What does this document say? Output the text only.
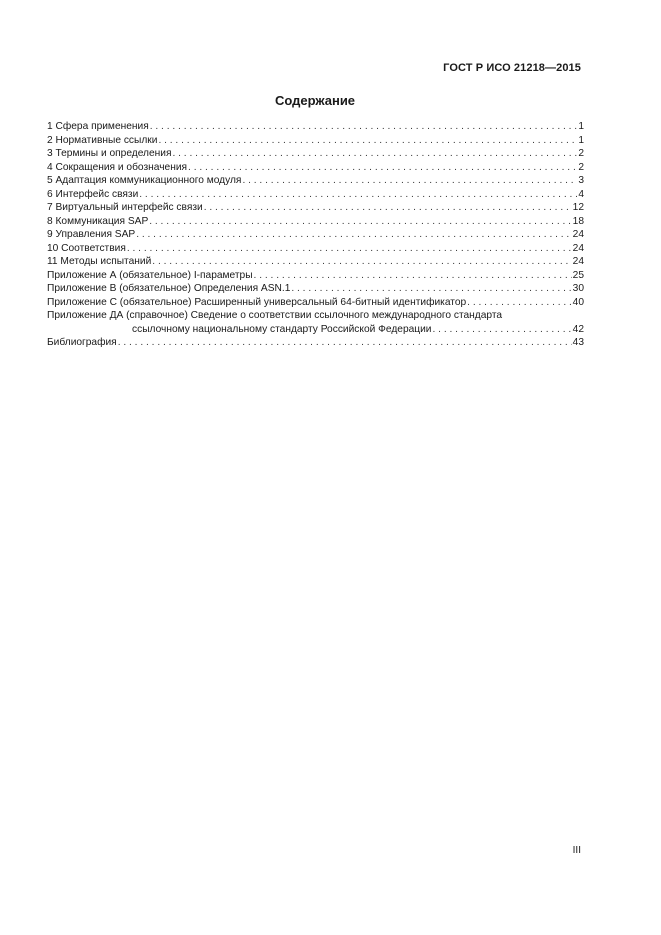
ГОСТ Р ИСО 21218—2015
Содержание
1 Сфера применения . . .	1
2 Нормативные ссылки . . .	1
3 Термины и определения . . .	2
4 Сокращения и обозначения . . .	2
5 Адаптация коммуникационного модуля . . .	3
6 Интерфейс связи . . .	4
7 Виртуальный интерфейс связи . . .	12
8 Коммуникация SAP . . .	18
9 Управления SAP . . .	24
10 Соответствия . . .	24
11 Методы испытаний . . .	24
Приложение А (обязательное) I-параметры . . .	25
Приложение В (обязательное) Определения ASN.1 . . .	30
Приложение С (обязательное) Расширенный универсальный 64-битный идентификатор . . .	40
Приложение ДА (справочное) Сведение о соответствии ссылочного международного стандарта
ссылочному национальному стандарту Российской Федерации . . .	42
Библиография . . .	43
III
